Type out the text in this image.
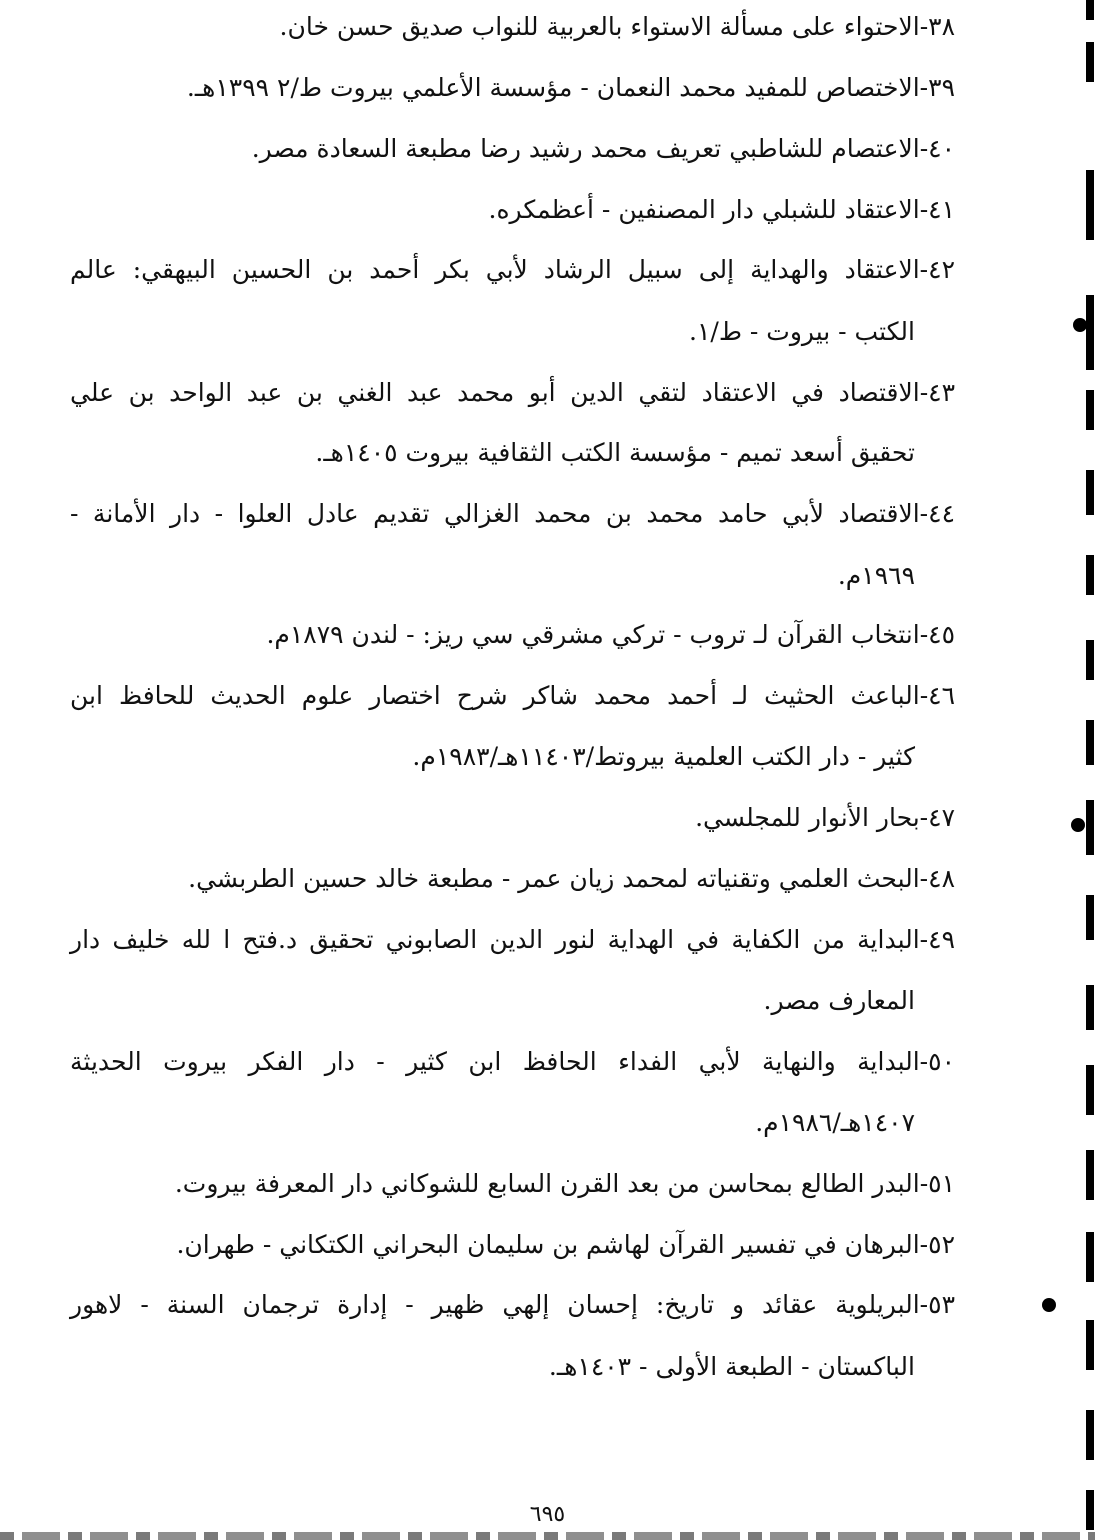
٣٨-الاحتواء على مسألة الاستواء بالعربية للنواب صديق حسن خان.
٣٩-الاختصاص للمفيد محمد النعمان - مؤسسة الأعلمي بيروت ط/٢ ١٣٩٩هـ.
٤٠-الاعتصام للشاطبي تعريف محمد رشيد رضا مطبعة السعادة مصر.
٤١-الاعتقاد للشبلي دار المصنفين - أعظمكره.
٤٢-الاعتقاد والهداية إلى سبيل الرشاد لأبي بكر أحمد بن الحسين البيهقي: عالم
الكتب - بيروت - ط/١.
٤٣-الاقتصاد في الاعتقاد لتقي الدين أبو محمد عبد الغني بن عبد الواحد بن علي
تحقيق أسعد تميم - مؤسسة الكتب الثقافية بيروت ١٤٠٥هـ.
٤٤-الاقتصاد لأبي حامد محمد بن محمد الغزالي تقديم عادل العلوا - دار الأمانة -
١٩٦٩م.
٤٥-انتخاب القرآن لـ تروب - تركي مشرقي سي ريز: - لندن ١٨٧٩م.
٤٦-الباعث الحثيث لـ أحمد محمد شاكر شرح اختصار علوم الحديث للحافظ ابن
كثير - دار الكتب العلمية بيروتط/١١٤٠٣هـ/١٩٨٣م.
٤٧-بحار الأنوار للمجلسي.
٤٨-البحث العلمي وتقنياته لمحمد زيان عمر - مطبعة خالد حسين الطربشي.
٤٩-البداية من الكفاية في الهداية لنور الدين الصابوني تحقيق د.فتح ا لله خليف دار
المعارف مصر.
٥٠-البداية والنهاية لأبي الفداء الحافظ ابن كثير - دار الفكر بيروت الحديثة
١٤٠٧هـ/١٩٨٦م.
٥١-البدر الطالع بمحاسن من بعد القرن السابع للشوكاني دار المعرفة بيروت.
٥٢-البرهان في تفسير القرآن لهاشم بن سليمان البحراني الكتكاني - طهران.
٥٣-البريلوية عقائد و تاريخ: إحسان إلهي ظهير - إدارة ترجمان السنة - لاهور
الباكستان - الطبعة الأولى - ١٤٠٣هـ.
٦٩٥
